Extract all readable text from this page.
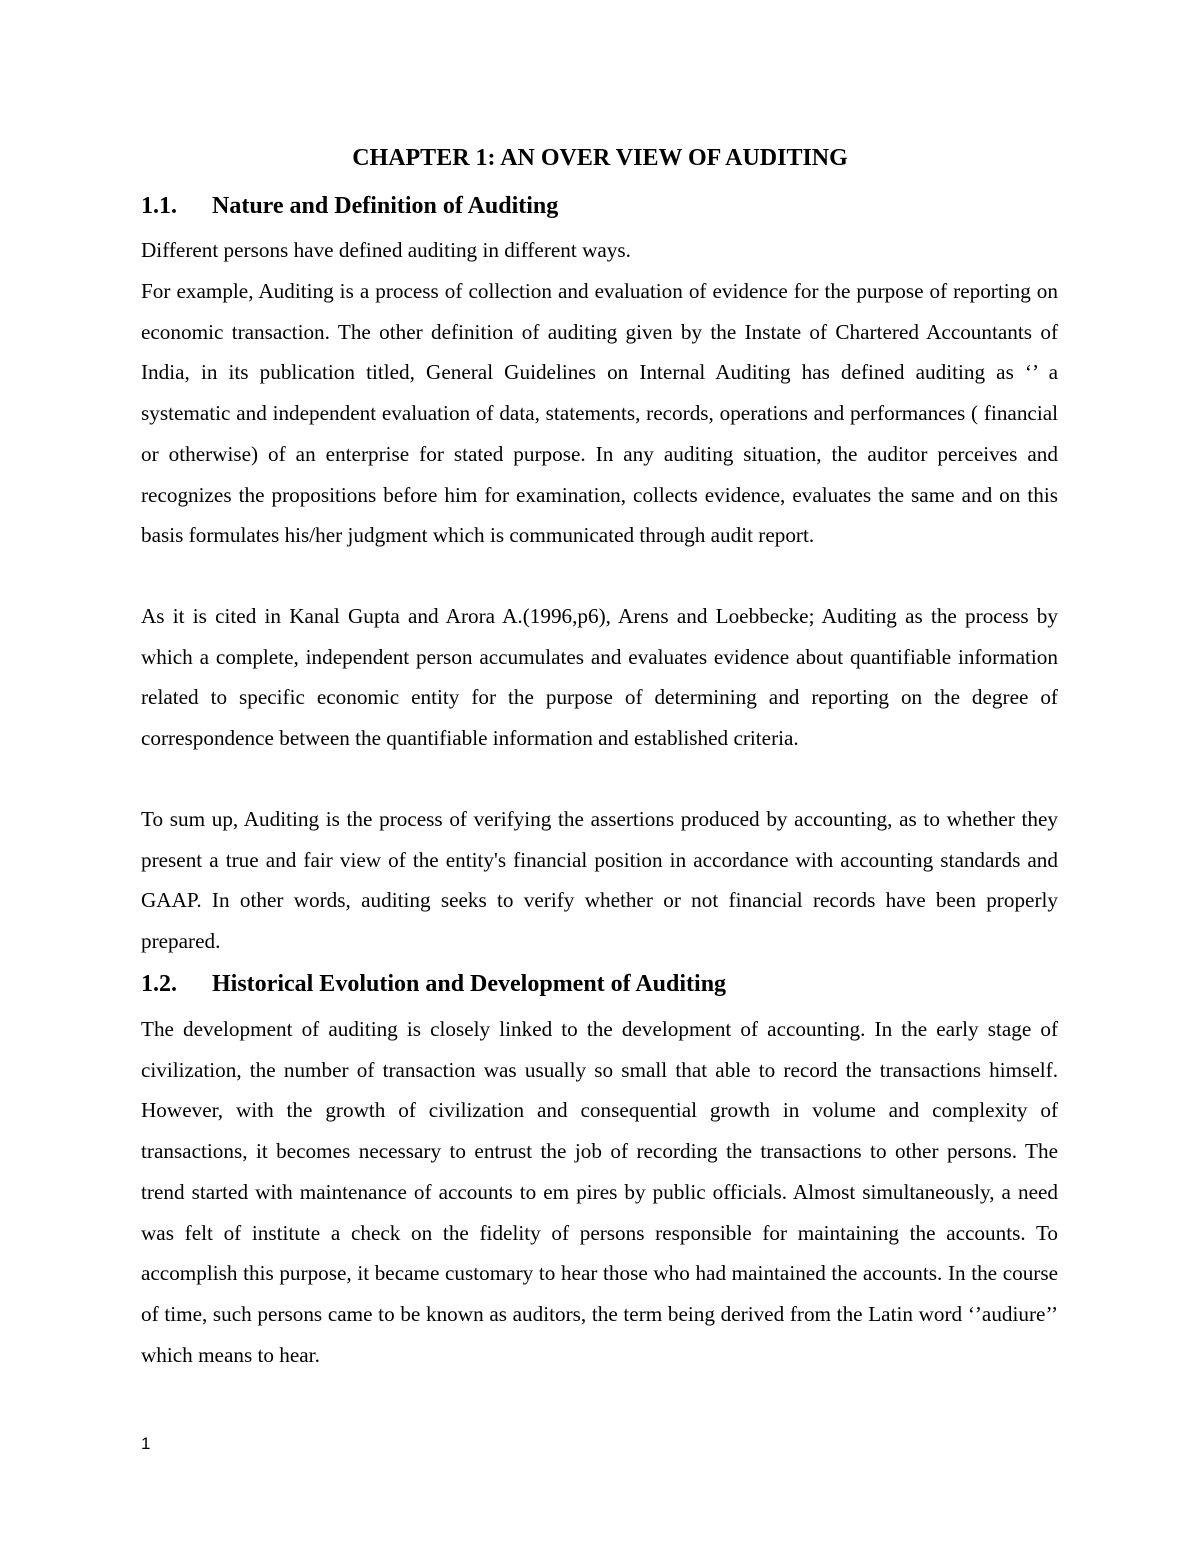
CHAPTER 1: AN OVER VIEW OF AUDITING
1.1. Nature and Definition of Auditing

Different persons have defined auditing in different ways.

For example, Auditing is a process of collection and evaluation of evidence for the purpose of reporting on economic transaction. The other definition of auditing given by the Instate of Chartered Accountants of India, in its publication titled, General Guidelines on Internal Auditing has defined auditing as ‘’ a systematic and independent evaluation of data, statements, records, operations and performances ( financial or otherwise) of an enterprise for stated purpose. In any auditing situation, the auditor perceives and recognizes the propositions before him for examination, collects evidence, evaluates the same and on this basis formulates his/her judgment which is communicated through audit report.

As it is cited in Kanal Gupta and Arora A.(1996,p6), Arens and Loebbecke; Auditing as the process by which a complete, independent person accumulates and evaluates evidence about quantifiable information related to specific economic entity for the purpose of determining and reporting on the degree of correspondence between the quantifiable information and established criteria.

To sum up, Auditing is the process of verifying the assertions produced by accounting, as to whether they present a true and fair view of the entity's financial position in accordance with accounting standards and GAAP. In other words, auditing seeks to verify whether or not financial records have been properly prepared.

1.2. Historical Evolution and Development of Auditing

The development of auditing is closely linked to the development of accounting. In the early stage of civilization, the number of transaction was usually so small that able to record the transactions himself. However, with the growth of civilization and consequential growth in volume and complexity of transactions, it becomes necessary to entrust the job of recording the transactions to other persons. The trend started with maintenance of accounts to em pires by public officials. Almost simultaneously, a need was felt of institute a check on the fidelity of persons responsible for maintaining the accounts. To accomplish this purpose, it became customary to hear those who had maintained the accounts. In the course of time, such persons came to be known as auditors, the term being derived from the Latin word ‘’audiure’’ which means to hear.

1
